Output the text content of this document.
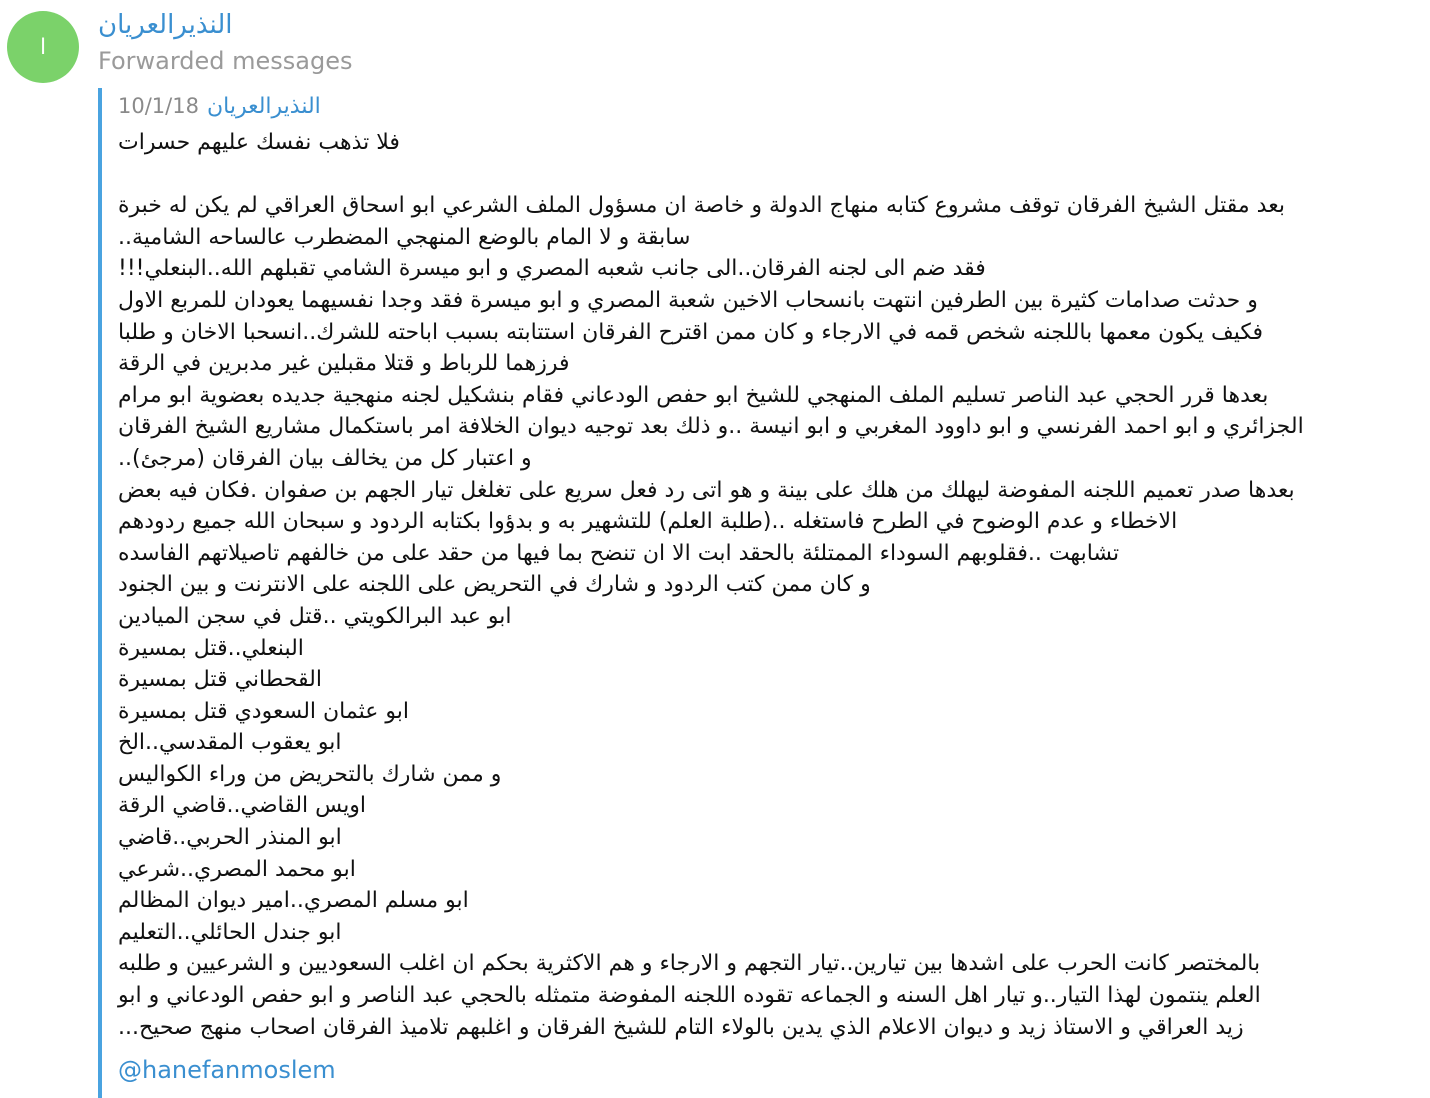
ا
النذيرالعريان
Forwarded messages
10/1/18 النذيرالعريان
فلا تذهب نفسك عليهم حسرات
بعد مقتل الشيخ الفرقان توقف مشروع كتابه منهاج الدولة و خاصة ان مسؤول الملف الشرعي ابو اسحاق العراقي لم يكن له خبرة
سابقة و لا المام بالوضع المنهجي المضطرب عالساحه الشامية..
فقد ضم الى لجنه الفرقان..الى جانب شعبه المصري و ابو ميسرة الشامي تقبلهم الله..البنعلي!!!
و حدثت صدامات كثيرة بين الطرفين انتهت بانسحاب الاخين شعبة المصري و ابو ميسرة فقد وجدا نفسيهما يعودان للمربع الاول
فكيف يكون معمها باللجنه شخص قمه في الارجاء و كان ممن اقترح الفرقان استتابته بسبب اباحته للشرك..انسحبا الاخان و طلبا
فرزهما للرباط و قتلا مقبلين غير مدبرين في الرقة
بعدها قرر الحجي عبد الناصر تسليم الملف المنهجي للشيخ ابو حفص الودعاني فقام بنشكيل لجنه منهجية جديده بعضوية ابو مرام
الجزائري و ابو احمد الفرنسي و ابو داوود المغربي و ابو انيسة ..و ذلك بعد توجيه ديوان الخلافة امر باستكمال مشاريع الشيخ الفرقان
و اعتبار كل من يخالف بيان الفرقان (مرجئ)..
بعدها صدر تعميم اللجنه المفوضة ليهلك من هلك على بينة و هو اتى رد فعل سريع على تغلغل تيار الجهم بن صفوان .فكان فيه بعض
الاخطاء و عدم الوضوح في الطرح فاستغله ..(طلبة العلم) للتشهير به و بدؤوا بكتابه الردود و سبحان الله جميع ردودهم
تشابهت ..فقلوبهم السوداء الممتلئة بالحقد ابت الا ان تنضح بما فيها من حقد على من خالفهم تاصيلاتهم الفاسده
و كان ممن كتب الردود و شارك في التحريض على اللجنه على الانترنت و بين الجنود
ابو عبد البرالكويتي ..قتل في سجن الميادين
البنعلي..قتل بمسيرة
القحطاني قتل بمسيرة
ابو عثمان السعودي قتل بمسيرة
ابو يعقوب المقدسي..الخ
و ممن شارك بالتحريض من وراء الكواليس
اويس القاضي..قاضي الرقة
ابو المنذر الحربي..قاضي
ابو محمد المصري..شرعي
ابو مسلم المصري..امير ديوان المظالم
ابو جندل الحائلي..التعليم
بالمختصر كانت الحرب على اشدها بين تيارين..تيار التجهم و الارجاء و هم الاكثرية بحكم ان اغلب السعوديين و الشرعيين و طلبه
العلم ينتمون لهذا التيار..و تيار اهل السنه و الجماعه تقوده اللجنه المفوضة متمثله بالحجي عبد الناصر و ابو حفص الودعاني و ابو
زيد العراقي و الاستاذ زيد و ديوان الاعلام الذي يدين بالولاء التام للشيخ الفرقان و اغلبهم تلاميذ الفرقان اصحاب منهج صحيح...
@hanefanmoslem
